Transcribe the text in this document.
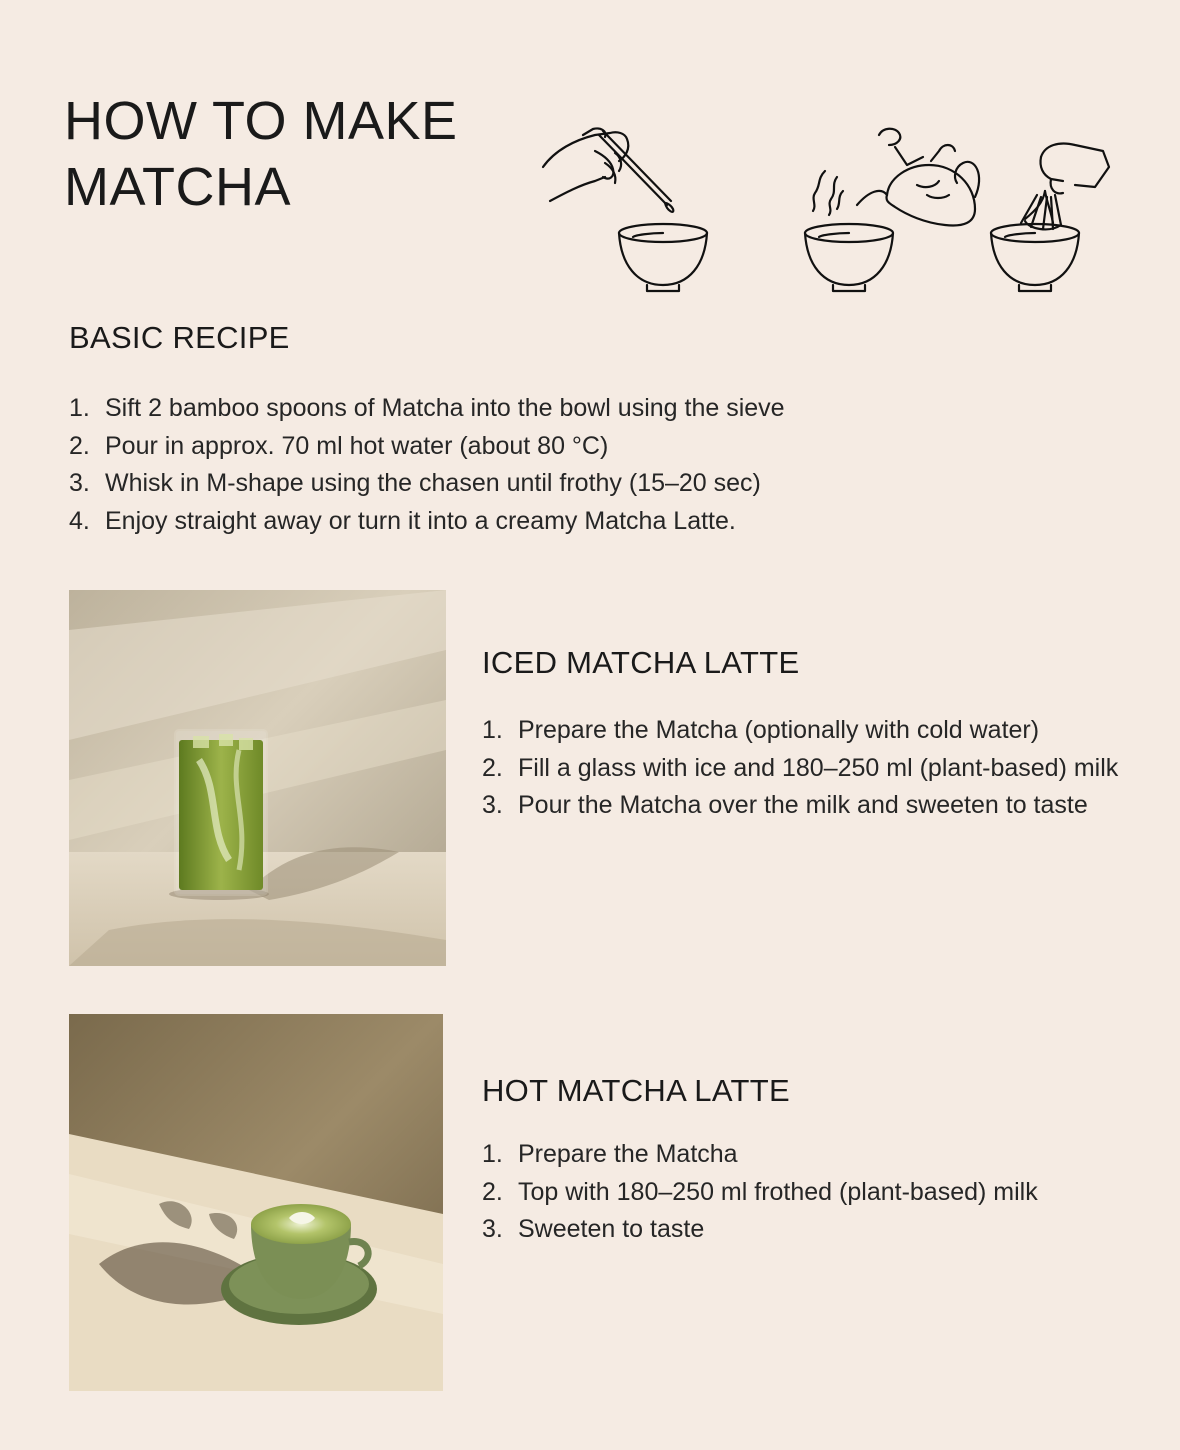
HOW TO MAKE
MATCHA
BASIC RECIPE
1. Sift 2 bamboo spoons of Matcha into the bowl using the sieve
2. Pour in approx. 70 ml hot water (about 80 °C)
3. Whisk in M-shape using the chasen until frothy (15–20 sec)
4. Enjoy straight away or turn it into a creamy Matcha Latte.
ICED MATCHA LATTE
1. Prepare the Matcha (optionally with cold water)
2. Fill a glass with ice and 180–250 ml (plant-based) milk
3. Pour the Matcha over the milk and sweeten to taste
HOT MATCHA LATTE
1. Prepare the Matcha
2. Top with 180–250 ml frothed (plant-based) milk
3. Sweeten to taste
